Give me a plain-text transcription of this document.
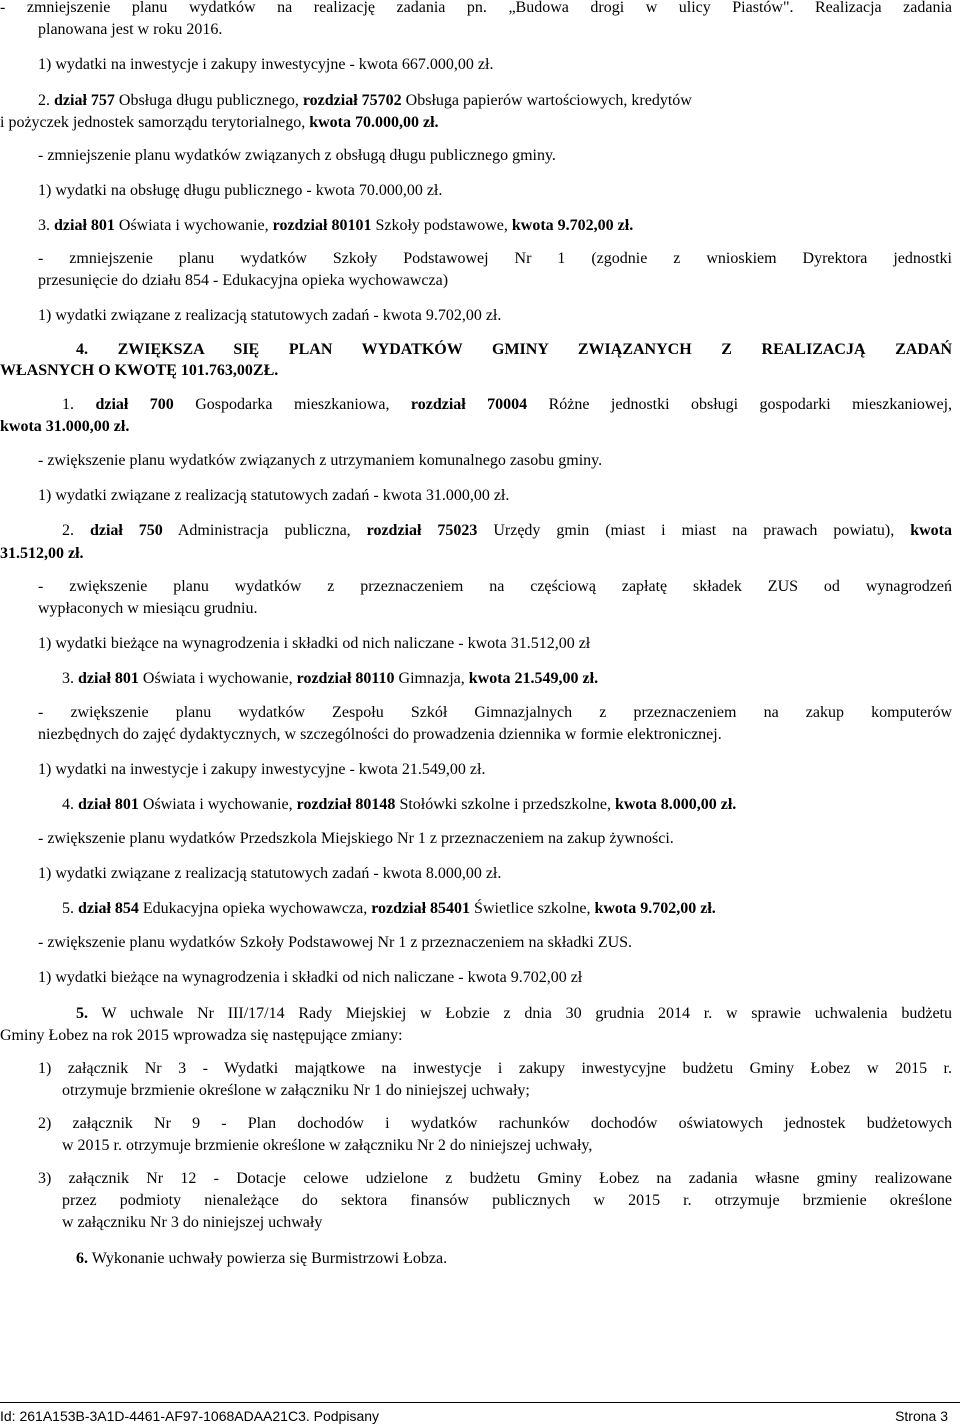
- zmniejszenie planu wydatków na realizację zadania pn. „Budowa drogi w ulicy Piastów". Realizacja zadania
planowana jest w roku 2016.
1) wydatki na inwestycje i zakupy inwestycyjne - kwota 667.000,00 zł.
2. dział 757 Obsługa długu publicznego, rozdział 75702 Obsługa papierów wartościowych, kredytów
i pożyczek jednostek samorządu terytorialnego, kwota 70.000,00 zł.
- zmniejszenie planu wydatków związanych z obsługą długu publicznego gminy.
1) wydatki na obsługę długu publicznego - kwota 70.000,00 zł.
3. dział 801 Oświata i wychowanie, rozdział 80101 Szkoły podstawowe, kwota 9.702,00 zł.
- zmniejszenie planu wydatków Szkoły Podstawowej Nr 1 (zgodnie z wnioskiem Dyrektora jednostki
przesunięcie do działu 854 - Edukacyjna opieka wychowawcza)
1) wydatki związane z realizacją statutowych zadań - kwota 9.702,00 zł.
4. ZWIĘKSZA SIĘ PLAN WYDATKÓW GMINY ZWIĄZANYCH Z REALIZACJĄ ZADAŃ
WŁASNYCH O KWOTĘ 101.763,00ZŁ.
1. dział 700 Gospodarka mieszkaniowa, rozdział 70004 Różne jednostki obsługi gospodarki mieszkaniowej,
kwota 31.000,00 zł.
- zwiększenie planu wydatków związanych z utrzymaniem komunalnego zasobu gminy.
1) wydatki związane z realizacją statutowych zadań - kwota 31.000,00 zł.
2. dział 750 Administracja publiczna, rozdział 75023 Urzędy gmin (miast i miast na prawach powiatu), kwota
31.512,00 zł.
- zwiększenie planu wydatków z przeznaczeniem na częściową zapłatę składek ZUS od wynagrodzeń
wypłaconych w miesiącu grudniu.
1) wydatki bieżące na wynagrodzenia i składki od nich naliczane - kwota 31.512,00 zł
3. dział 801 Oświata i wychowanie, rozdział 80110 Gimnazja, kwota 21.549,00 zł.
- zwiększenie planu wydatków Zespołu Szkół Gimnazjalnych z przeznaczeniem na zakup komputerów
niezbędnych do zajęć dydaktycznych, w szczególności do prowadzenia dziennika w formie elektronicznej.
1) wydatki na inwestycje i zakupy inwestycyjne - kwota 21.549,00 zł.
4. dział 801 Oświata i wychowanie, rozdział 80148 Stołówki szkolne i przedszkolne, kwota 8.000,00 zł.
- zwiększenie planu wydatków Przedszkola Miejskiego Nr 1 z przeznaczeniem na zakup żywności.
1) wydatki związane z realizacją statutowych zadań - kwota 8.000,00 zł.
5. dział 854 Edukacyjna opieka wychowawcza, rozdział 85401 Świetlice szkolne, kwota 9.702,00 zł.
- zwiększenie planu wydatków Szkoły Podstawowej Nr 1 z przeznaczeniem na składki ZUS.
1) wydatki bieżące na wynagrodzenia i składki od nich naliczane - kwota 9.702,00 zł
5. W uchwale Nr III/17/14 Rady Miejskiej w Łobzie z dnia 30 grudnia 2014 r. w sprawie uchwalenia budżetu
Gminy Łobez na rok 2015 wprowadza się następujące zmiany:
1) załącznik Nr 3 - Wydatki majątkowe na inwestycje i zakupy inwestycyjne budżetu Gminy Łobez w 2015 r.
otrzymuje brzmienie określone w załączniku Nr 1 do niniejszej uchwały;
2) załącznik Nr 9 - Plan dochodów i wydatków rachunków dochodów oświatowych jednostek budżetowych
w 2015 r. otrzymuje brzmienie określone w załączniku Nr 2 do niniejszej uchwały,
3) załącznik Nr 12 - Dotacje celowe udzielone z budżetu Gminy Łobez na zadania własne gminy realizowane
przez podmioty nienależące do sektora finansów publicznych w 2015 r. otrzymuje brzmienie określone
w załączniku Nr 3 do niniejszej uchwały
6. Wykonanie uchwały powierza się Burmistrzowi Łobza.
Id: 261A153B-3A1D-4461-AF97-1068ADAA21C3. Podpisany	Strona 3
